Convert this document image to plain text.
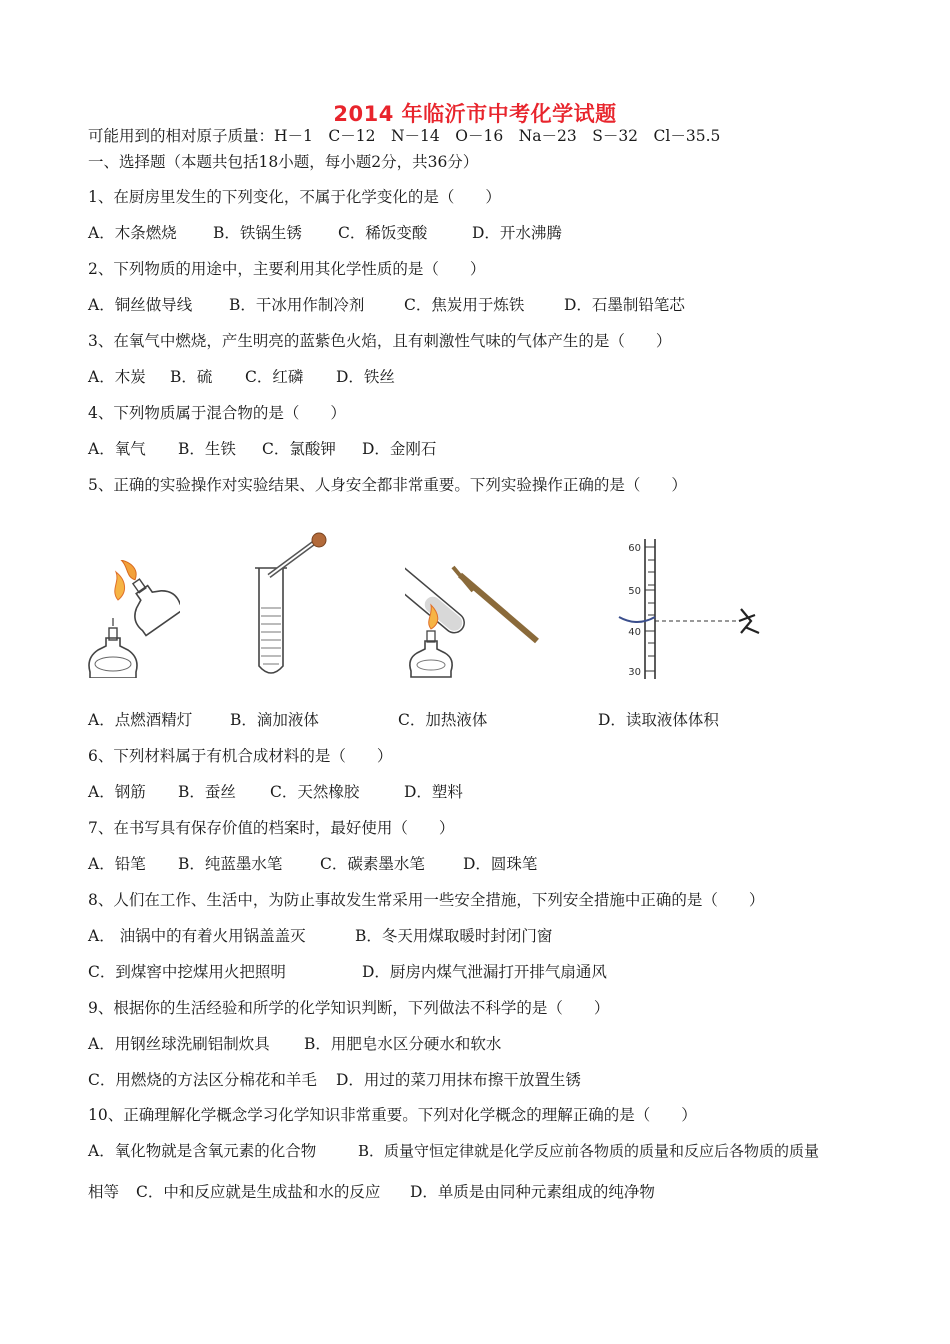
2014 年临沂市中考化学试题
可能用到的相对原子质量：H－1　C－12　N－14　O－16　Na－23　S－32　Cl－35.5
一、选择题（本题共包括18小题，每小题2分，共36分）
1、在厨房里发生的下列变化，不属于化学变化的是（　　）
A．木条燃烧 B．铁锅生锈 C．稀饭变酸	D．开水沸腾
2、下列物质的用途中，主要利用其化学性质的是（　　）
A．铜丝做导线 B．干冰用作制冷剂	C．焦炭用于炼铁	D．石墨制铅笔芯
3、在氧气中燃烧，产生明亮的蓝紫色火焰，且有刺激性气味的气体产生的是（　　）
A．木炭 B．硫 C．红磷 D．铁丝
4、下列物质属于混合物的是（　　）
A．氧气 B．生铁 C．氯酸钾 D．金刚石
5、正确的实验操作对实验结果、人身安全都非常重要。下列实验操作正确的是（　　）
60
50
40
30
A．点燃酒精灯 B．滴加液体	C．加热液体	D．读取液体体积
6、下列材料属于有机合成材料的是（　　）
A．钢筋 B．蚕丝 C．天然橡胶	D．塑料
7、在书写具有保存价值的档案时，最好使用（　　）
A．铅笔 B．纯蓝墨水笔 C．碳素墨水笔 D．圆珠笔
8、人们在工作、生活中，为防止事故发生常采用一些安全措施，下列安全措施中正确的是（　　）
A． 油锅中的有着火用锅盖盖灭	B．冬天用煤取暖时封闭门窗
C．到煤窖中挖煤用火把照明	D．厨房内煤气泄漏打开排气扇通风
9、根据你的生活经验和所学的化学知识判断，下列做法不科学的是（　　）
A．用钢丝球洗刷铝制炊具 B．用肥皂水区分硬水和软水
C．用燃烧的方法区分棉花和羊毛 D．用过的菜刀用抹布擦干放置生锈
10、正确理解化学概念学习化学知识非常重要。下列对化学概念的理解正确的是（　　）
A．氧化物就是含氧元素的化合物	B．质量守恒定律就是化学反应前各物质的质量和反应后各物质的质量
相等 C．中和反应就是生成盐和水的反应 D．单质是由同种元素组成的纯净物
